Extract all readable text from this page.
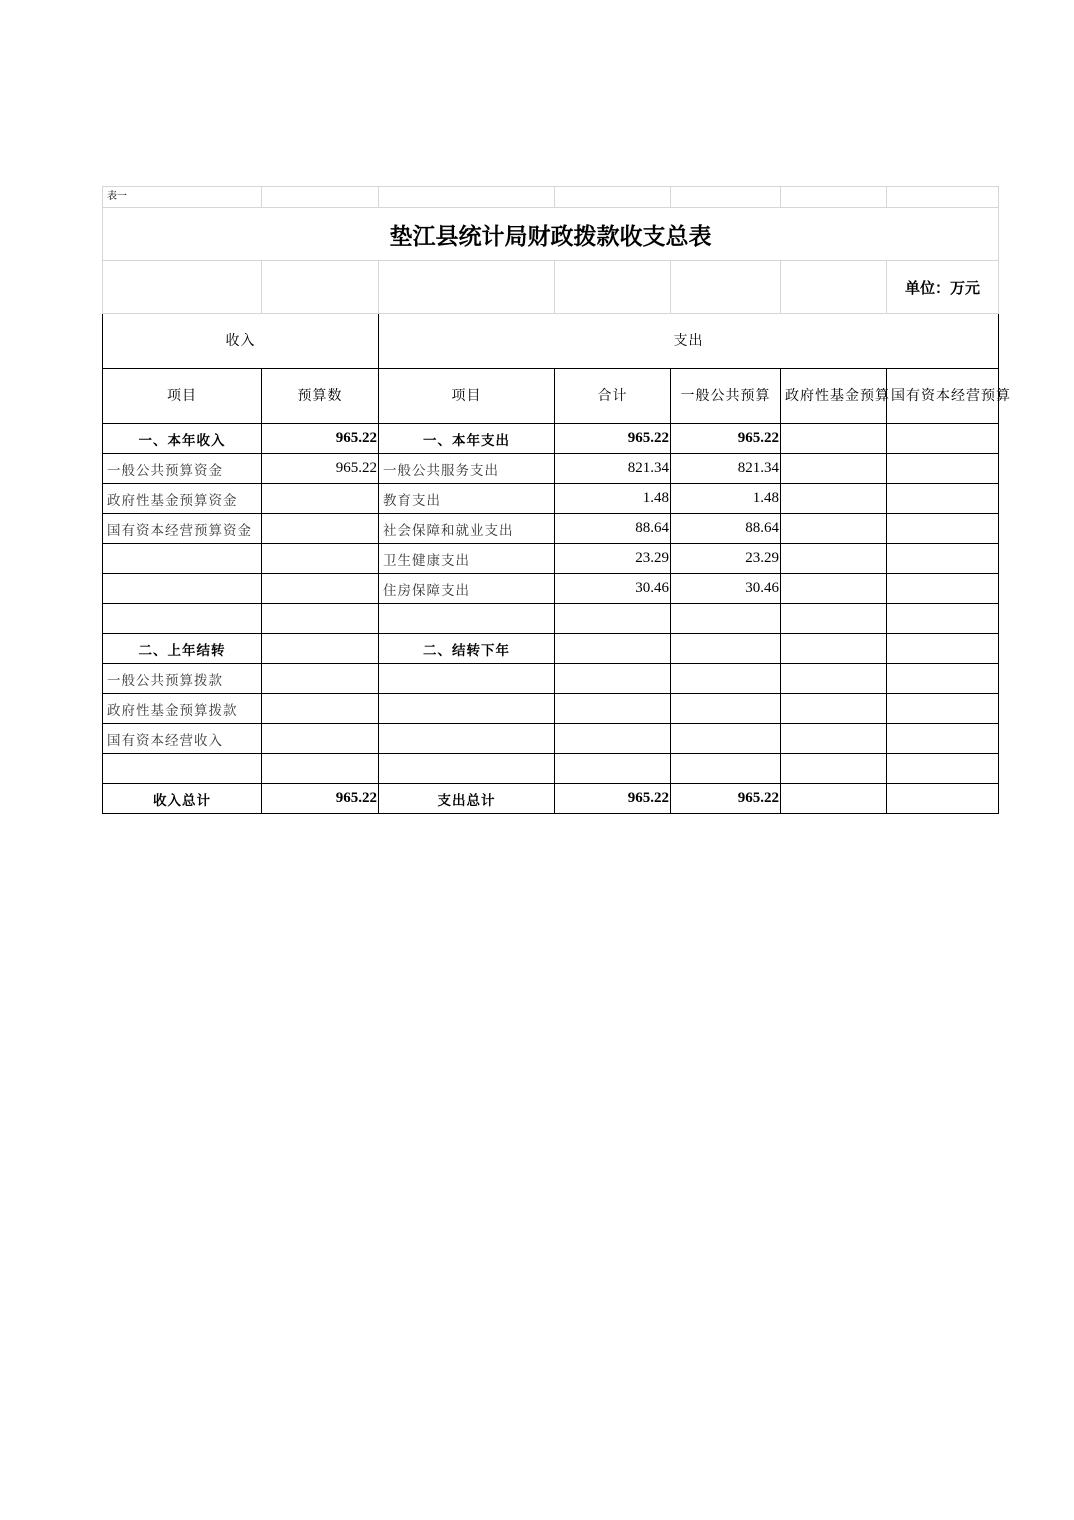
表一						
垫江县统计局财政拨款收支总表						
						单位：万元
收入		支出				
项目	预算数	项目	合计	一般公共预算	政府性基金预算	国有资本经营预算
一、本年收入	965.22	一、本年支出	965.22	965.22		
一般公共预算资金	965.22	一般公共服务支出	821.34	821.34		
政府性基金预算资金		教育支出	1.48	1.48		
国有资本经营预算资金		社会保障和就业支出	88.64	88.64		
		卫生健康支出	23.29	23.29		
		住房保障支出	30.46	30.46		

二、上年结转		二、结转下年				
一般公共预算拨款						
政府性基金预算拨款						
国有资本经营收入						

收入总计	965.22	支出总计	965.22	965.22		
